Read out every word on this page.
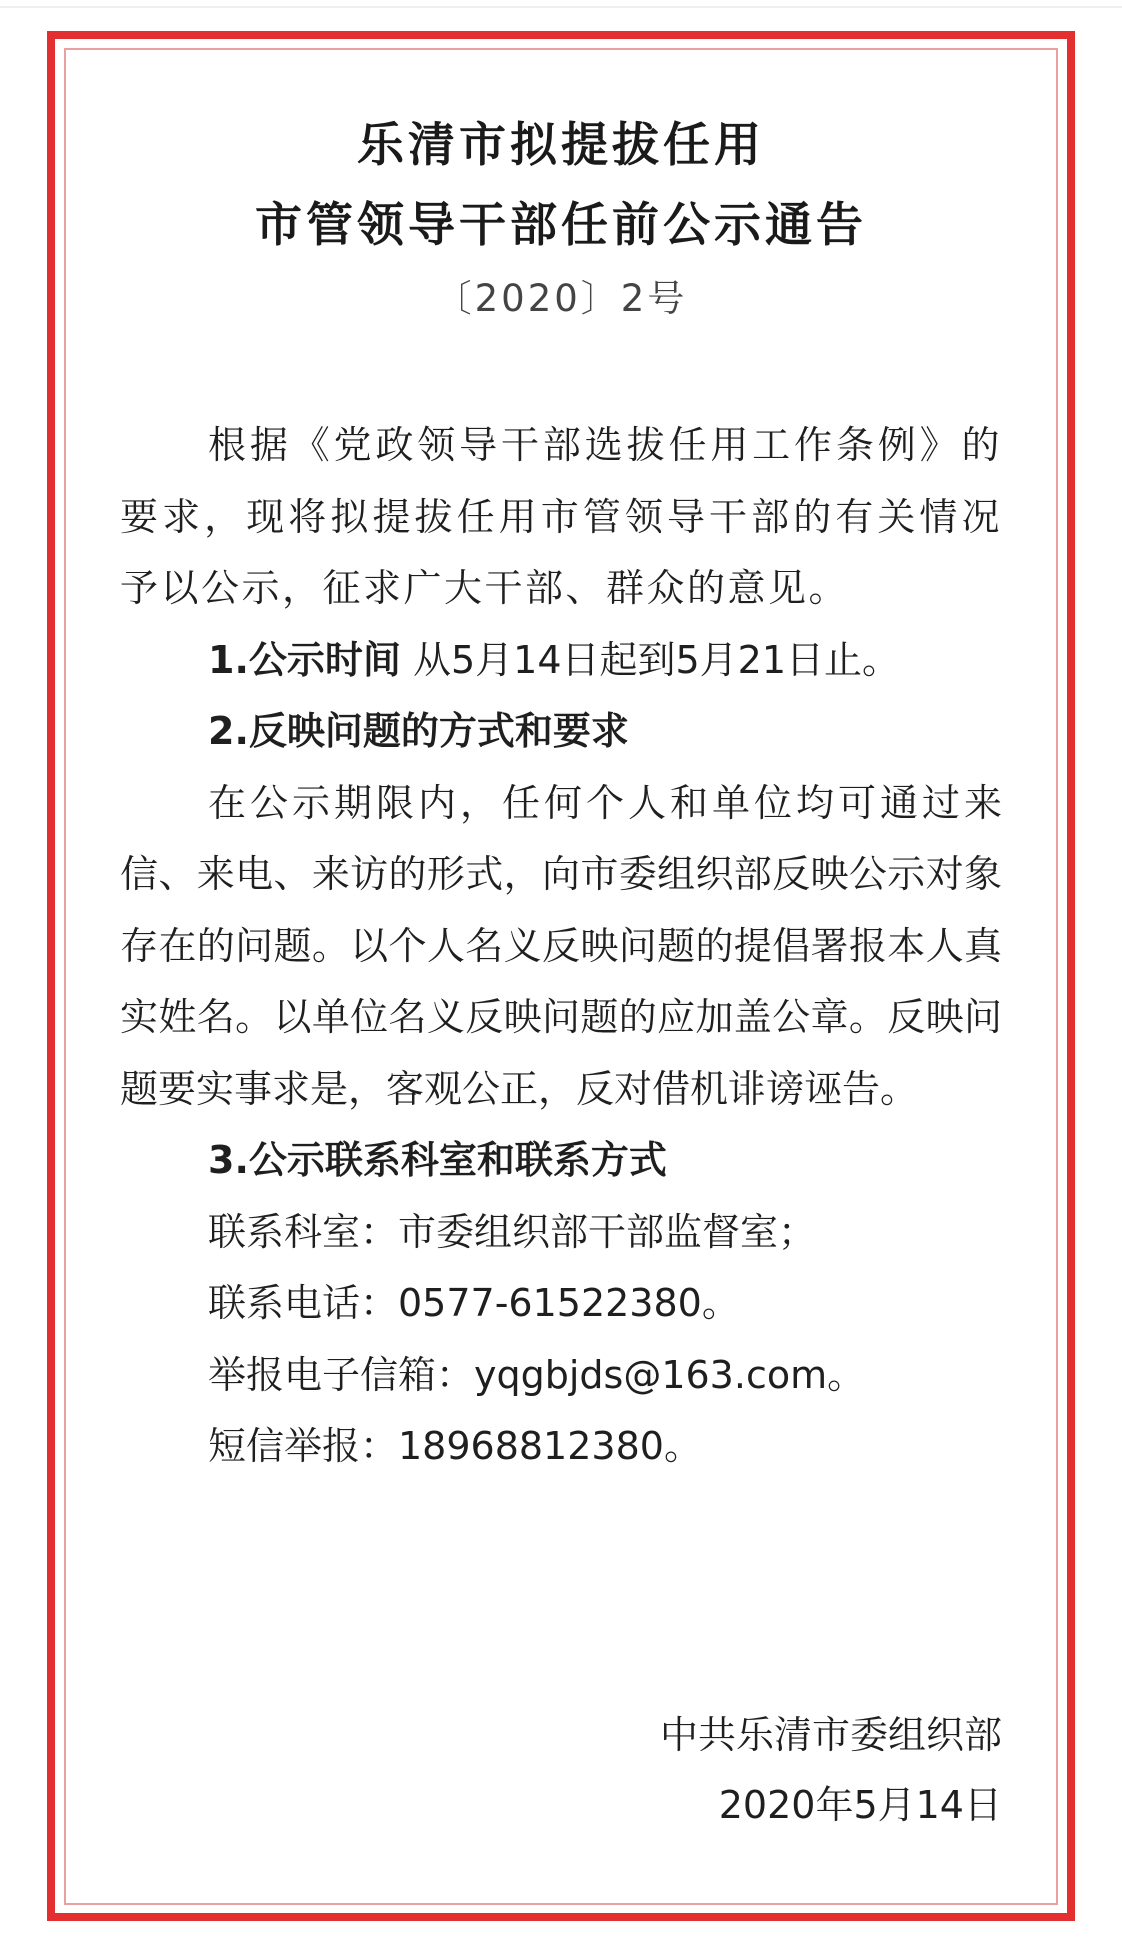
乐清市拟提拔任用
市管领导干部任前公示通告
〔2020〕2号

根据《党政领导干部选拔任用工作条例》的要求，现将拟提拔任用市管领导干部的有关情况予以公示，征求广大干部、群众的意见。

1.公示时间 从5月14日起到5月21日止。

2.反映问题的方式和要求

在公示期限内，任何个人和单位均可通过来信、来电、来访的形式，向市委组织部反映公示对象存在的问题。以个人名义反映问题的提倡署报本人真实姓名。以单位名义反映问题的应加盖公章。反映问题要实事求是，客观公正，反对借机诽谤诬告。

3.公示联系科室和联系方式

联系科室：市委组织部干部监督室；

联系电话：0577-61522380。

举报电子信箱：yqgbjds@163.com。

短信举报：18968812380。

中共乐清市委组织部
2020年5月14日
